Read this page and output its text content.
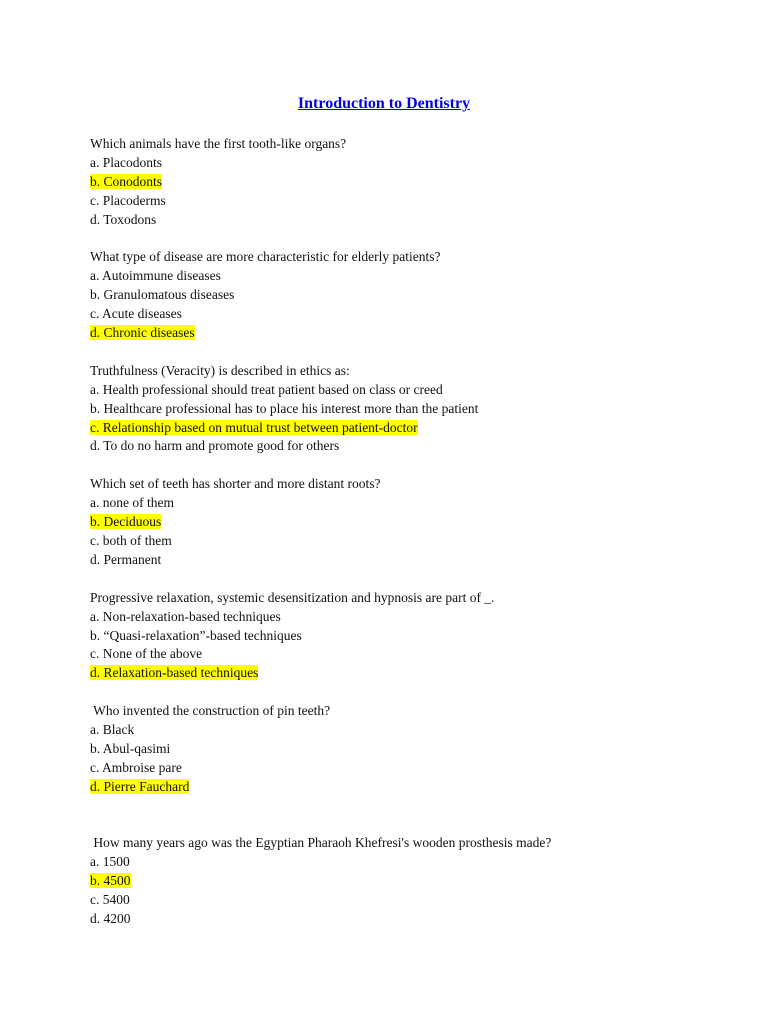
Introduction to Dentistry
Which animals have the first tooth-like organs?
a. Placodonts
b. Conodonts
c. Placoderms
d. Toxodons
What type of disease are more characteristic for elderly patients?
a. Autoimmune diseases
b. Granulomatous diseases
c. Acute diseases
d. Chronic diseases
Truthfulness (Veracity) is described in ethics as:
a. Health professional should treat patient based on class or creed
b. Healthcare professional has to place his interest more than the patient
c. Relationship based on mutual trust between patient-doctor
d. To do no harm and promote good for others
Which set of teeth has shorter and more distant roots?
a. none of them
b. Deciduous
c. both of them
d. Permanent
Progressive relaxation, systemic desensitization and hypnosis are part of _.
a. Non-relaxation-based techniques
b. “Quasi-relaxation”-based techniques
c. None of the above
d. Relaxation-based techniques
Who invented the construction of pin teeth?
a. Black
b. Abul-qasimi
c. Ambroise pare
d. Pierre Fauchard
How many years ago was the Egyptian Pharaoh Khefresi's wooden prosthesis made?
a. 1500
b. 4500
c. 5400
d. 4200
